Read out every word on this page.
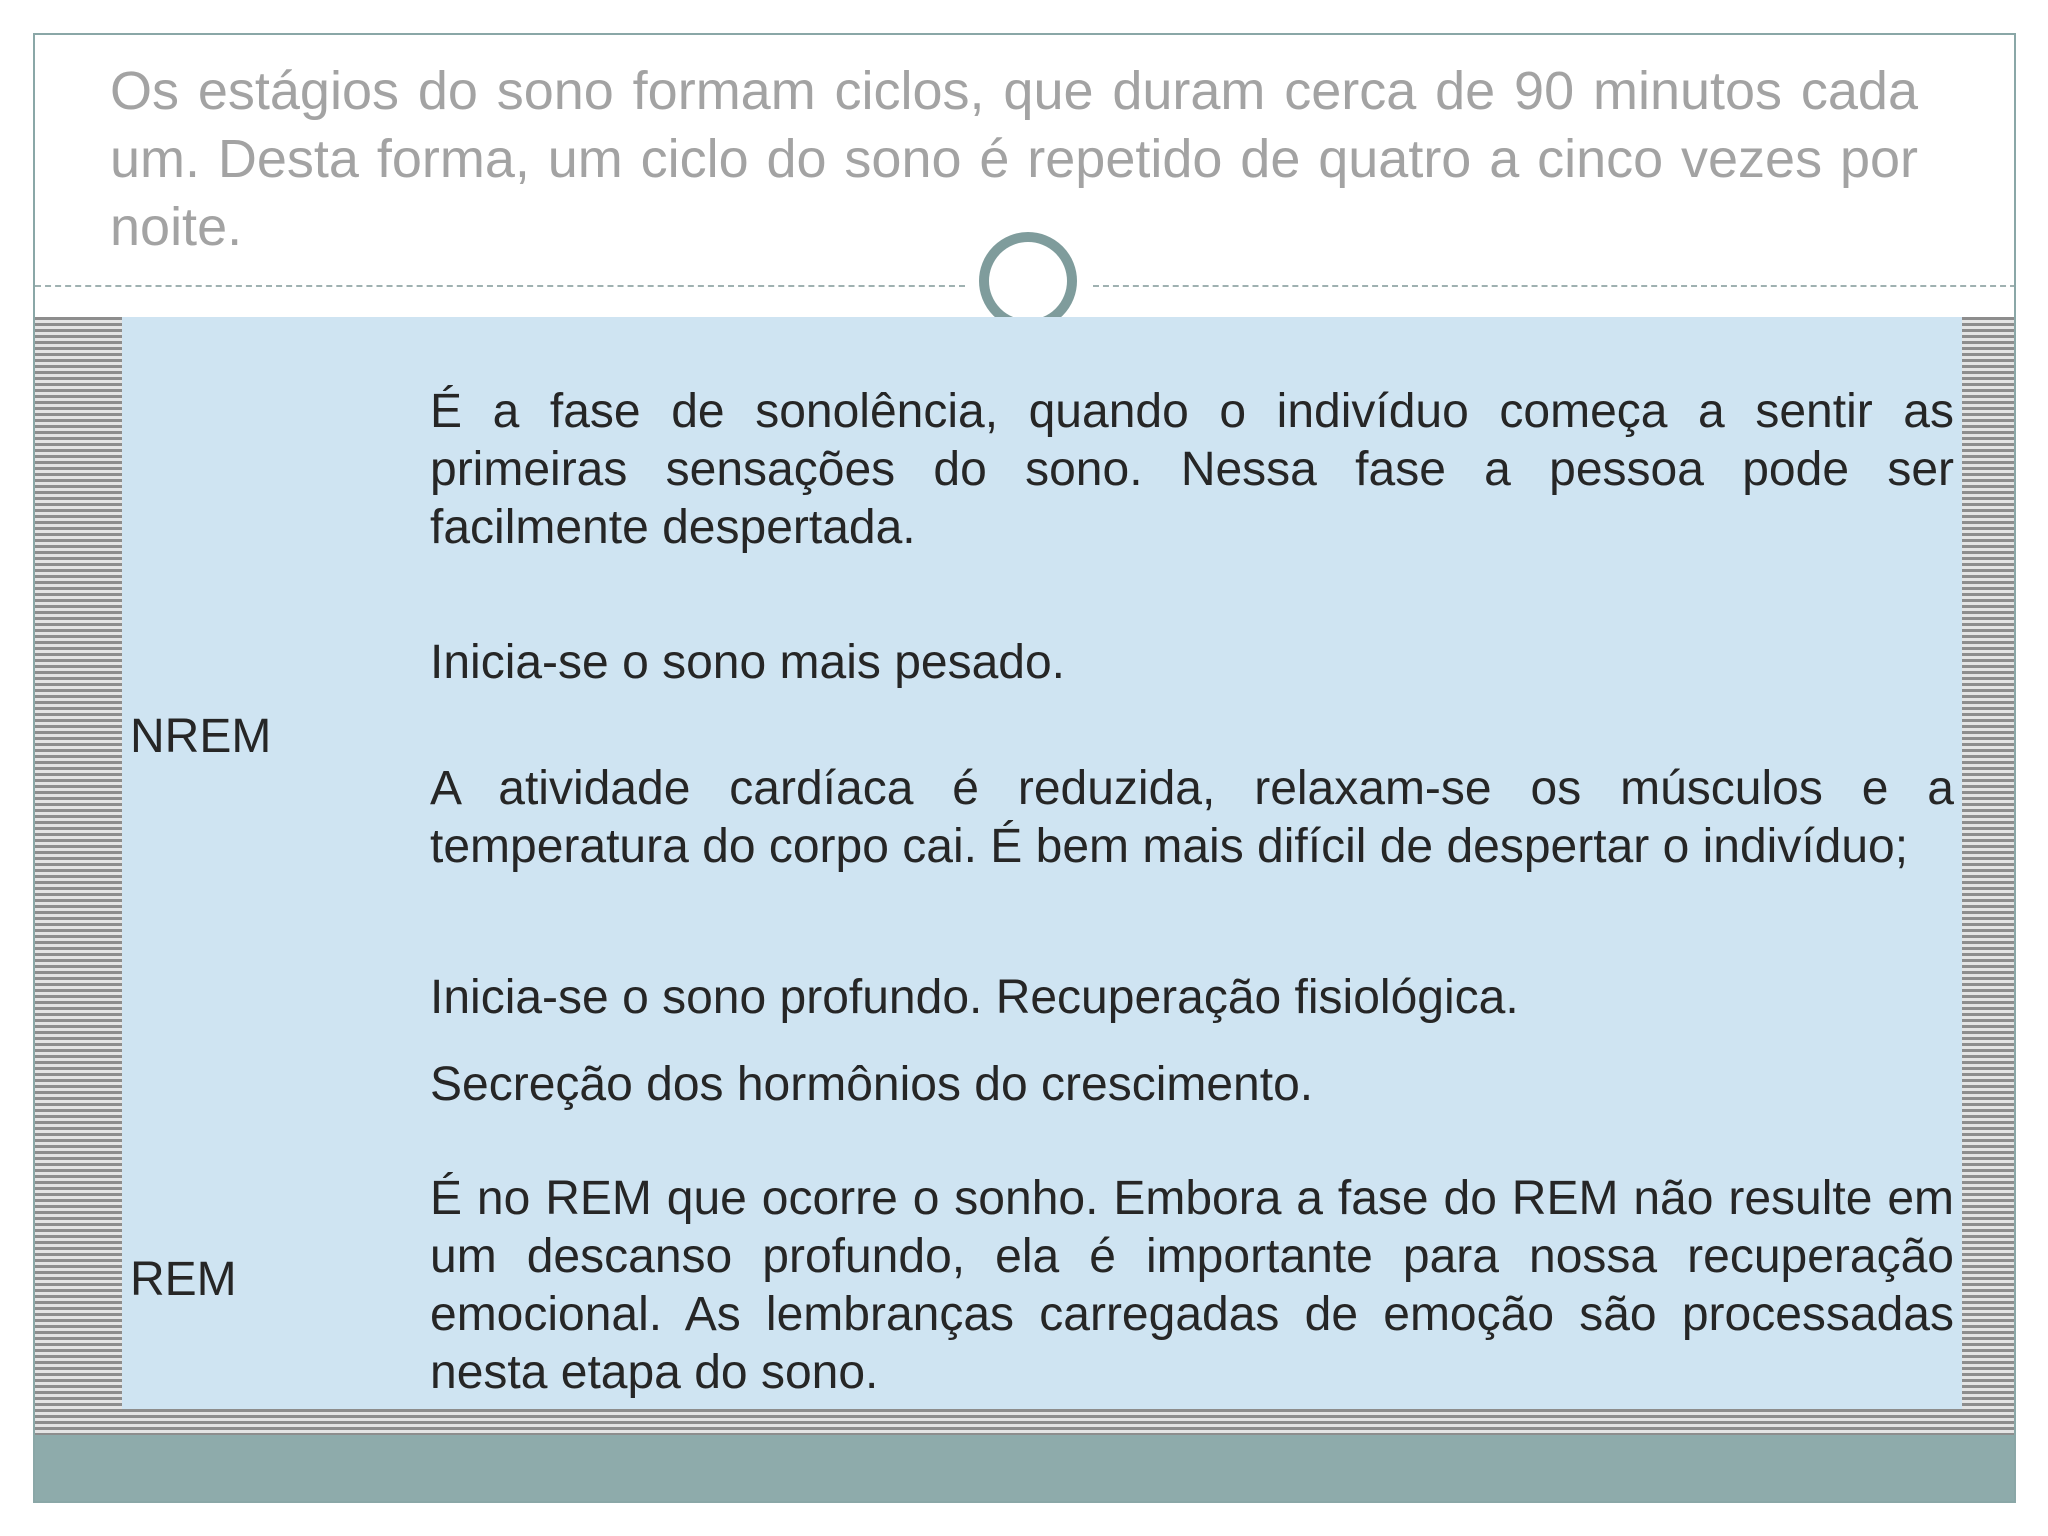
Os estágios do sono formam ciclos, que duram cerca de 90 minutos cada um. Desta forma, um ciclo do sono é repetido de quatro a cinco vezes por noite.

NREM

REM

É a fase de sonolência, quando o indivíduo começa a sentir as primeiras sensações do sono. Nessa fase a pessoa pode ser facilmente despertada.

Inicia-se o sono mais pesado.

A atividade cardíaca é reduzida, relaxam-se os músculos e a temperatura do corpo cai. É bem mais difícil de despertar o indivíduo;

Inicia-se o sono profundo. Recuperação fisiológica.

Secreção dos hormônios do crescimento.

É no REM que ocorre o sonho. Embora a fase do REM não resulte em um descanso profundo, ela é importante para nossa recuperação emocional. As lembranças carregadas de emoção são processadas nesta etapa do sono.
